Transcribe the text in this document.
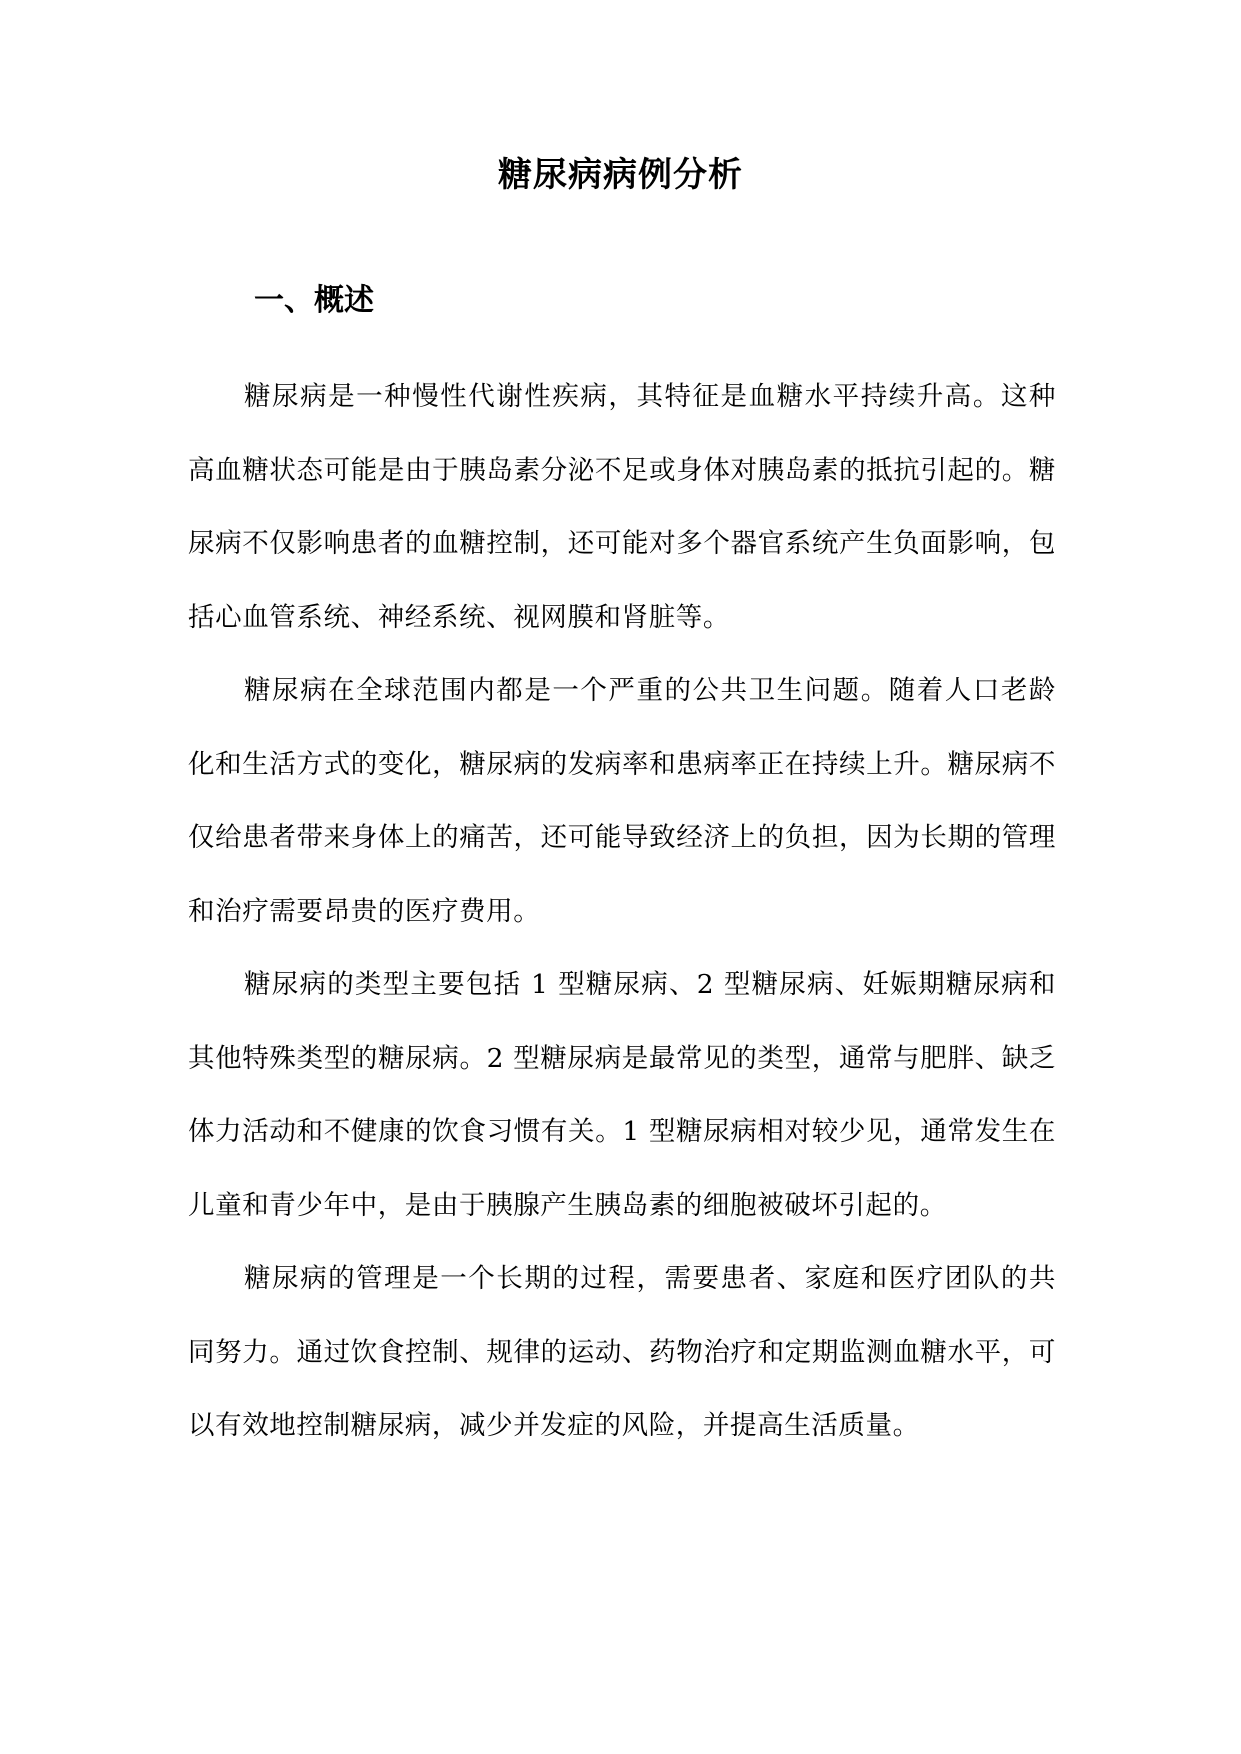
糖尿病病例分析
一、概述

糖尿病是一种慢性代谢性疾病，其特征是血糖水平持续升高。这种高血糖状态可能是由于胰岛素分泌不足或身体对胰岛素的抵抗引起的。糖尿病不仅影响患者的血糖控制，还可能对多个器官系统产生负面影响，包括心血管系统、神经系统、视网膜和肾脏等。

糖尿病在全球范围内都是一个严重的公共卫生问题。随着人口老龄化和生活方式的变化，糖尿病的发病率和患病率正在持续上升。糖尿病不仅给患者带来身体上的痛苦，还可能导致经济上的负担，因为长期的管理和治疗需要昂贵的医疗费用。

糖尿病的类型主要包括 1 型糖尿病、2 型糖尿病、妊娠期糖尿病和其他特殊类型的糖尿病。2 型糖尿病是最常见的类型，通常与肥胖、缺乏体力活动和不健康的饮食习惯有关。1 型糖尿病相对较少见，通常发生在儿童和青少年中，是由于胰腺产生胰岛素的细胞被破坏引起的。

糖尿病的管理是一个长期的过程，需要患者、家庭和医疗团队的共同努力。通过饮食控制、规律的运动、药物治疗和定期监测血糖水平，可以有效地控制糖尿病，减少并发症的风险，并提高生活质量。
